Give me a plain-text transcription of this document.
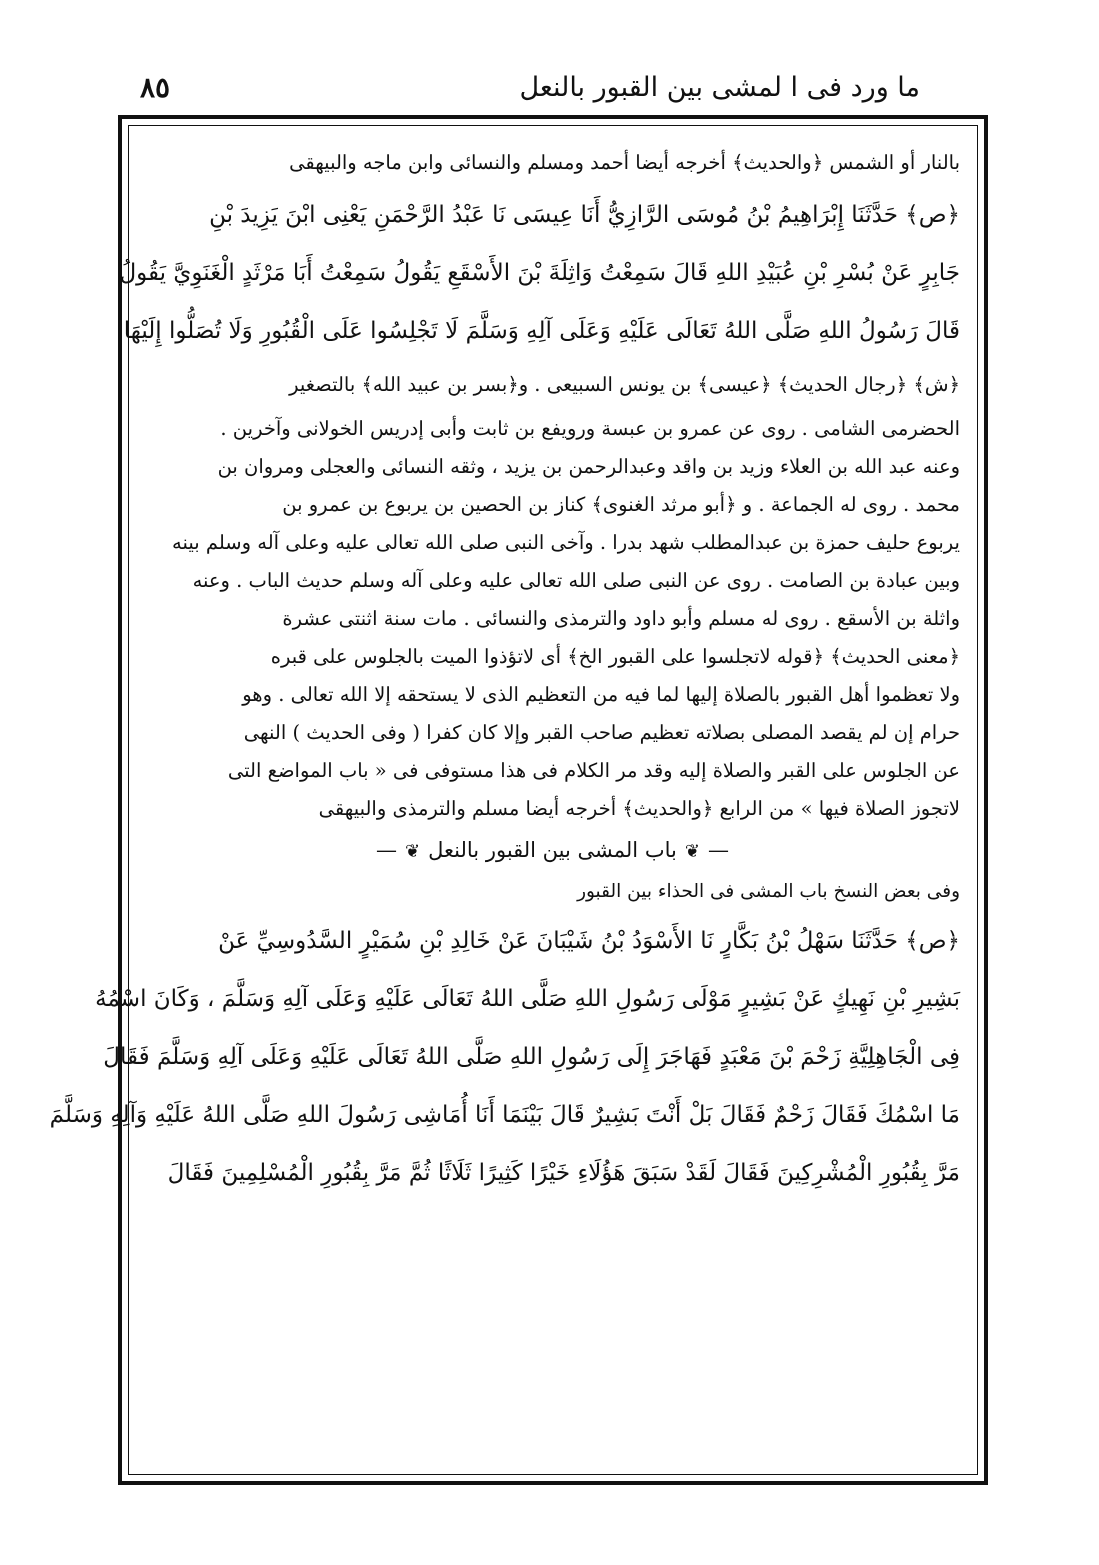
٨٥	ما ورد فى ا لمشى بين القبور بالنعل
بالنار أو الشمس ﴿والحديث﴾ أخرجه أيضا أحمد ومسلم والنسائى وابن ماجه والبيهقى
﴿ص﴾ حَدَّثَنَا إِبْرَاهِيمُ بْنُ مُوسَى الرَّازِيُّ أَنَا عِيسَى نَا عَبْدُ الرَّحْمَنِ يَعْنِى ابْنَ يَزِيدَ بْنِ
جَابِرٍ عَنْ بُسْرِ بْنِ عُبَيْدِ اللهِ قَالَ سَمِعْتُ وَاثِلَةَ بْنَ الأَسْقَعِ يَقُولُ سَمِعْتُ أَبَا مَرْثَدٍ الْغَنَوِيَّ يَقُولُ
قَالَ رَسُولُ اللهِ صَلَّى اللهُ تَعَالَى عَلَيْهِ وَعَلَى آلِهِ وَسَلَّمَ لَا تَجْلِسُوا عَلَى الْقُبُورِ وَلَا تُصَلُّوا إِلَيْهَا
﴿ش﴾ ﴿رجال الحديث﴾ ﴿عيسى﴾ بن يونس السبيعى . و﴿بسر بن عبيد الله﴾ بالتصغير
الحضرمى الشامى . روى عن عمرو بن عبسة ورويفع بن ثابت وأبى إدريس الخولانى وآخرين .
وعنه عبد الله بن العلاء وزيد بن واقد وعبدالرحمن بن يزيد ، وثقه النسائى والعجلى ومروان بن
محمد . روى له الجماعة . و ﴿أبو مرثد الغنوى﴾ كناز بن الحصين بن يربوع بن عمرو بن
يربوع حليف حمزة بن عبدالمطلب شهد بدرا . وآخى النبى صلى الله تعالى عليه وعلى آله وسلم بينه
وبين عبادة بن الصامت . روى عن النبى صلى الله تعالى عليه وعلى آله وسلم حديث الباب . وعنه
واثلة بن الأسقع . روى له مسلم وأبو داود والترمذى والنسائى . مات سنة اثنتى عشرة
﴿معنى الحديث﴾ ﴿قوله لاتجلسوا على القبور الخ﴾ أى لاتؤذوا الميت بالجلوس على قبره
ولا تعظموا أهل القبور بالصلاة إليها لما فيه من التعظيم الذى لا يستحقه إلا الله تعالى . وهو
حرام إن لم يقصد المصلى بصلاته تعظيم صاحب القبر وإلا كان كفرا ( وفى الحديث ) النهى
عن الجلوس على القبر والصلاة إليه وقد مر الكلام فى هذا مستوفى فى « باب المواضع التى
لاتجوز الصلاة فيها » من الرابع ﴿والحديث﴾ أخرجه أيضا مسلم والترمذى والبيهقى
—❦باب المشى بين القبور بالنعل❦—
وفى بعض النسخ باب المشى فى الحذاء بين القبور
﴿ص﴾ حَدَّثَنَا سَهْلُ بْنُ بَكَّارٍ نَا الأَسْوَدُ بْنُ شَيْبَانَ عَنْ خَالِدِ بْنِ سُمَيْرٍ السَّدُوسِيِّ عَنْ
بَشِيرِ بْنِ نَهِيكٍ عَنْ بَشِيرٍ مَوْلَى رَسُولِ اللهِ صَلَّى اللهُ تَعَالَى عَلَيْهِ وَعَلَى آلِهِ وَسَلَّمَ ، وَكَانَ اسْمُهُ
فِى الْجَاهِلِيَّةِ زَحْمَ بْنَ مَعْبَدٍ فَهَاجَرَ إِلَى رَسُولِ اللهِ صَلَّى اللهُ تَعَالَى عَلَيْهِ وَعَلَى آلِهِ وَسَلَّمَ فَقَالَ
مَا اسْمُكَ فَقَالَ زَحْمٌ فَقَالَ بَلْ أَنْتَ بَشِيرٌ قَالَ بَيْنَمَا أَنَا أُمَاشِى رَسُولَ اللهِ صَلَّى اللهُ عَلَيْهِ وَآلِهِ وَسَلَّمَ
مَرَّ بِقُبُورِ الْمُشْرِكِينَ فَقَالَ لَقَدْ سَبَقَ هَؤُلَاءِ خَيْرًا كَثِيرًا ثَلَاثًا ثُمَّ مَرَّ بِقُبُورِ الْمُسْلِمِينَ فَقَالَ
